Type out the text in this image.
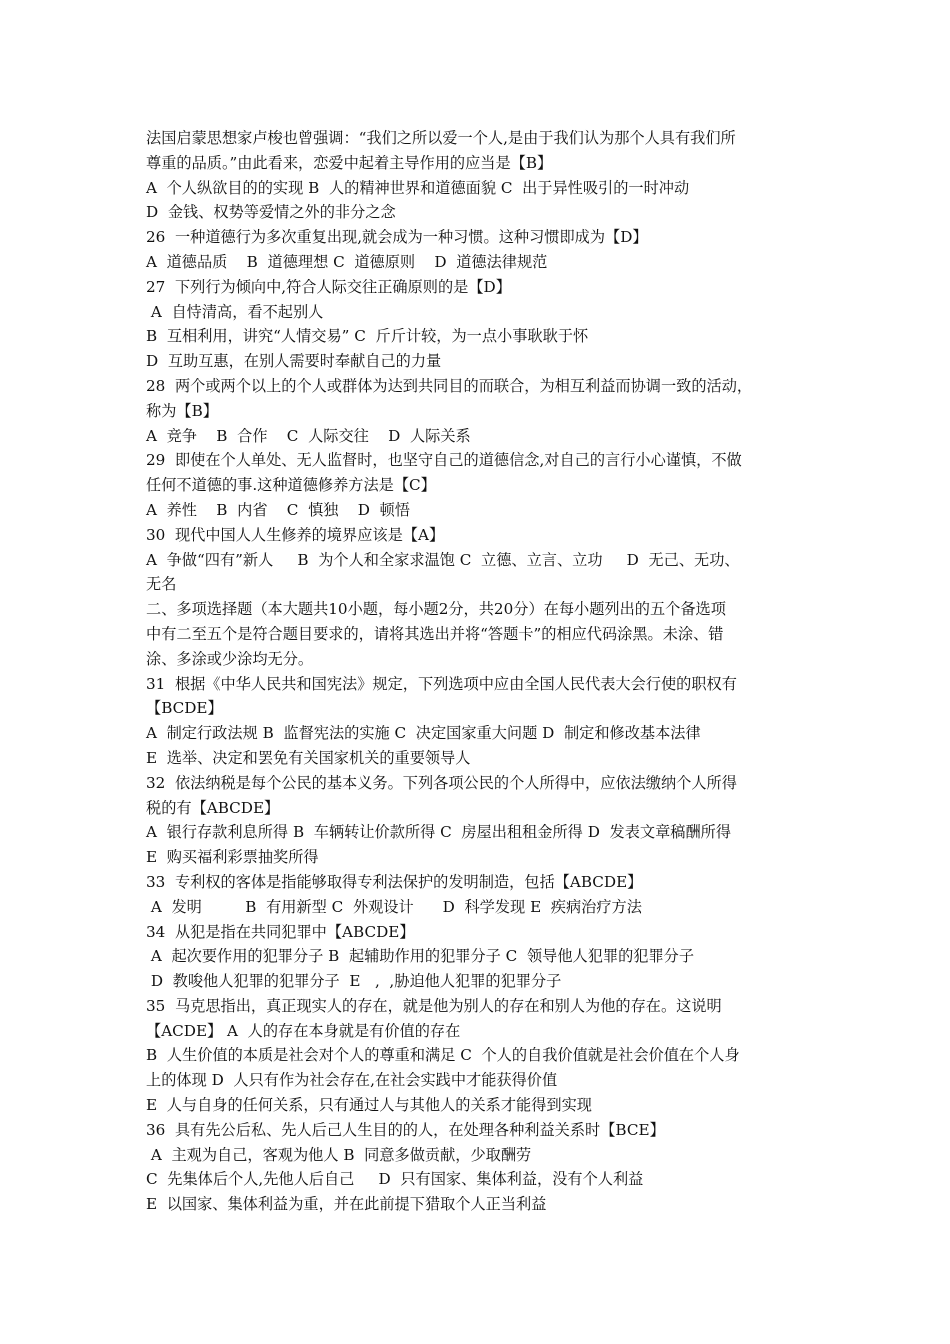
法国启蒙思想家卢梭也曾强调：“我们之所以爱一个人,是由于我们认为那个人具有我们所
尊重的品质。”由此看来，恋爱中起着主导作用的应当是【B】
A  个人纵欲目的的实现 B  人的精神世界和道德面貌 C  出于异性吸引的一时冲动
D  金钱、权势等爱情之外的非分之念
26  一种道德行为多次重复出现,就会成为一种习惯。这种习惯即成为【D】
A  道德品质    B  道德理想 C  道德原则    D  道德法律规范
27  下列行为倾向中,符合人际交往正确原则的是【D】
A  自恃清高，看不起别人
B  互相利用，讲究“人情交易” C  斤斤计较，为一点小事耿耿于怀
D  互助互惠，在别人需要时奉献自己的力量
28  两个或两个以上的个人或群体为达到共同目的而联合，为相互利益而协调一致的活动，
称为【B】
A  竞争    B  合作    C  人际交往    D  人际关系
29  即使在个人单处、无人监督时，也坚守自己的道德信念,对自己的言行小心谨慎，不做
任何不道德的事.这种道德修养方法是【C】
A  养性    B  内省    C  慎独    D  顿悟
30  现代中国人人生修养的境界应该是【A】
A  争做“四有”新人     B  为个人和全家求温饱 C  立德、立言、立功     D  无己、无功、
无名
二、多项选择题（本大题共10小题，每小题2分，共20分）在每小题列出的五个备选项
中有二至五个是符合题目要求的，请将其选出并将“答题卡”的相应代码涂黑。未涂、错
涂、多涂或少涂均无分。
31  根据《中华人民共和国宪法》规定，下列选项中应由全国人民代表大会行使的职权有
【BCDE】
A  制定行政法规 B  监督宪法的实施 C  决定国家重大问题 D  制定和修改基本法律
E  选举、决定和罢免有关国家机关的重要领导人
32  依法纳税是每个公民的基本义务。下列各项公民的个人所得中，应依法缴纳个人所得
税的有【ABCDE】
A  银行存款利息所得 B  车辆转让价款所得 C  房屋出租租金所得 D  发表文章稿酬所得
E  购买福利彩票抽奖所得
33  专利权的客体是指能够取得专利法保护的发明制造，包括【ABCDE】
A  发明         B  有用新型 C  外观设计      D  科学发现 E  疾病治疗方法
34  从犯是指在共同犯罪中【ABCDE】
A  起次要作用的犯罪分子 B  起辅助作用的犯罪分子 C  领导他人犯罪的犯罪分子
D  教唆他人犯罪的犯罪分子  E   ,  ,胁迫他人犯罪的犯罪分子
35  马克思指出，真正现实人的存在，就是他为别人的存在和别人为他的存在。这说明
【ACDE】 A  人的存在本身就是有价值的存在
B  人生价值的本质是社会对个人的尊重和满足 C  个人的自我价值就是社会价值在个人身
上的体现 D  人只有作为社会存在,在社会实践中才能获得价值
E  人与自身的任何关系，只有通过人与其他人的关系才能得到实现
36  具有先公后私、先人后己人生目的的人，在处理各种利益关系时【BCE】
A  主观为自己，客观为他人 B  同意多做贡献，少取酬劳
C  先集体后个人,先他人后自己     D  只有国家、集体利益，没有个人利益
E  以国家、集体利益为重，并在此前提下猎取个人正当利益
